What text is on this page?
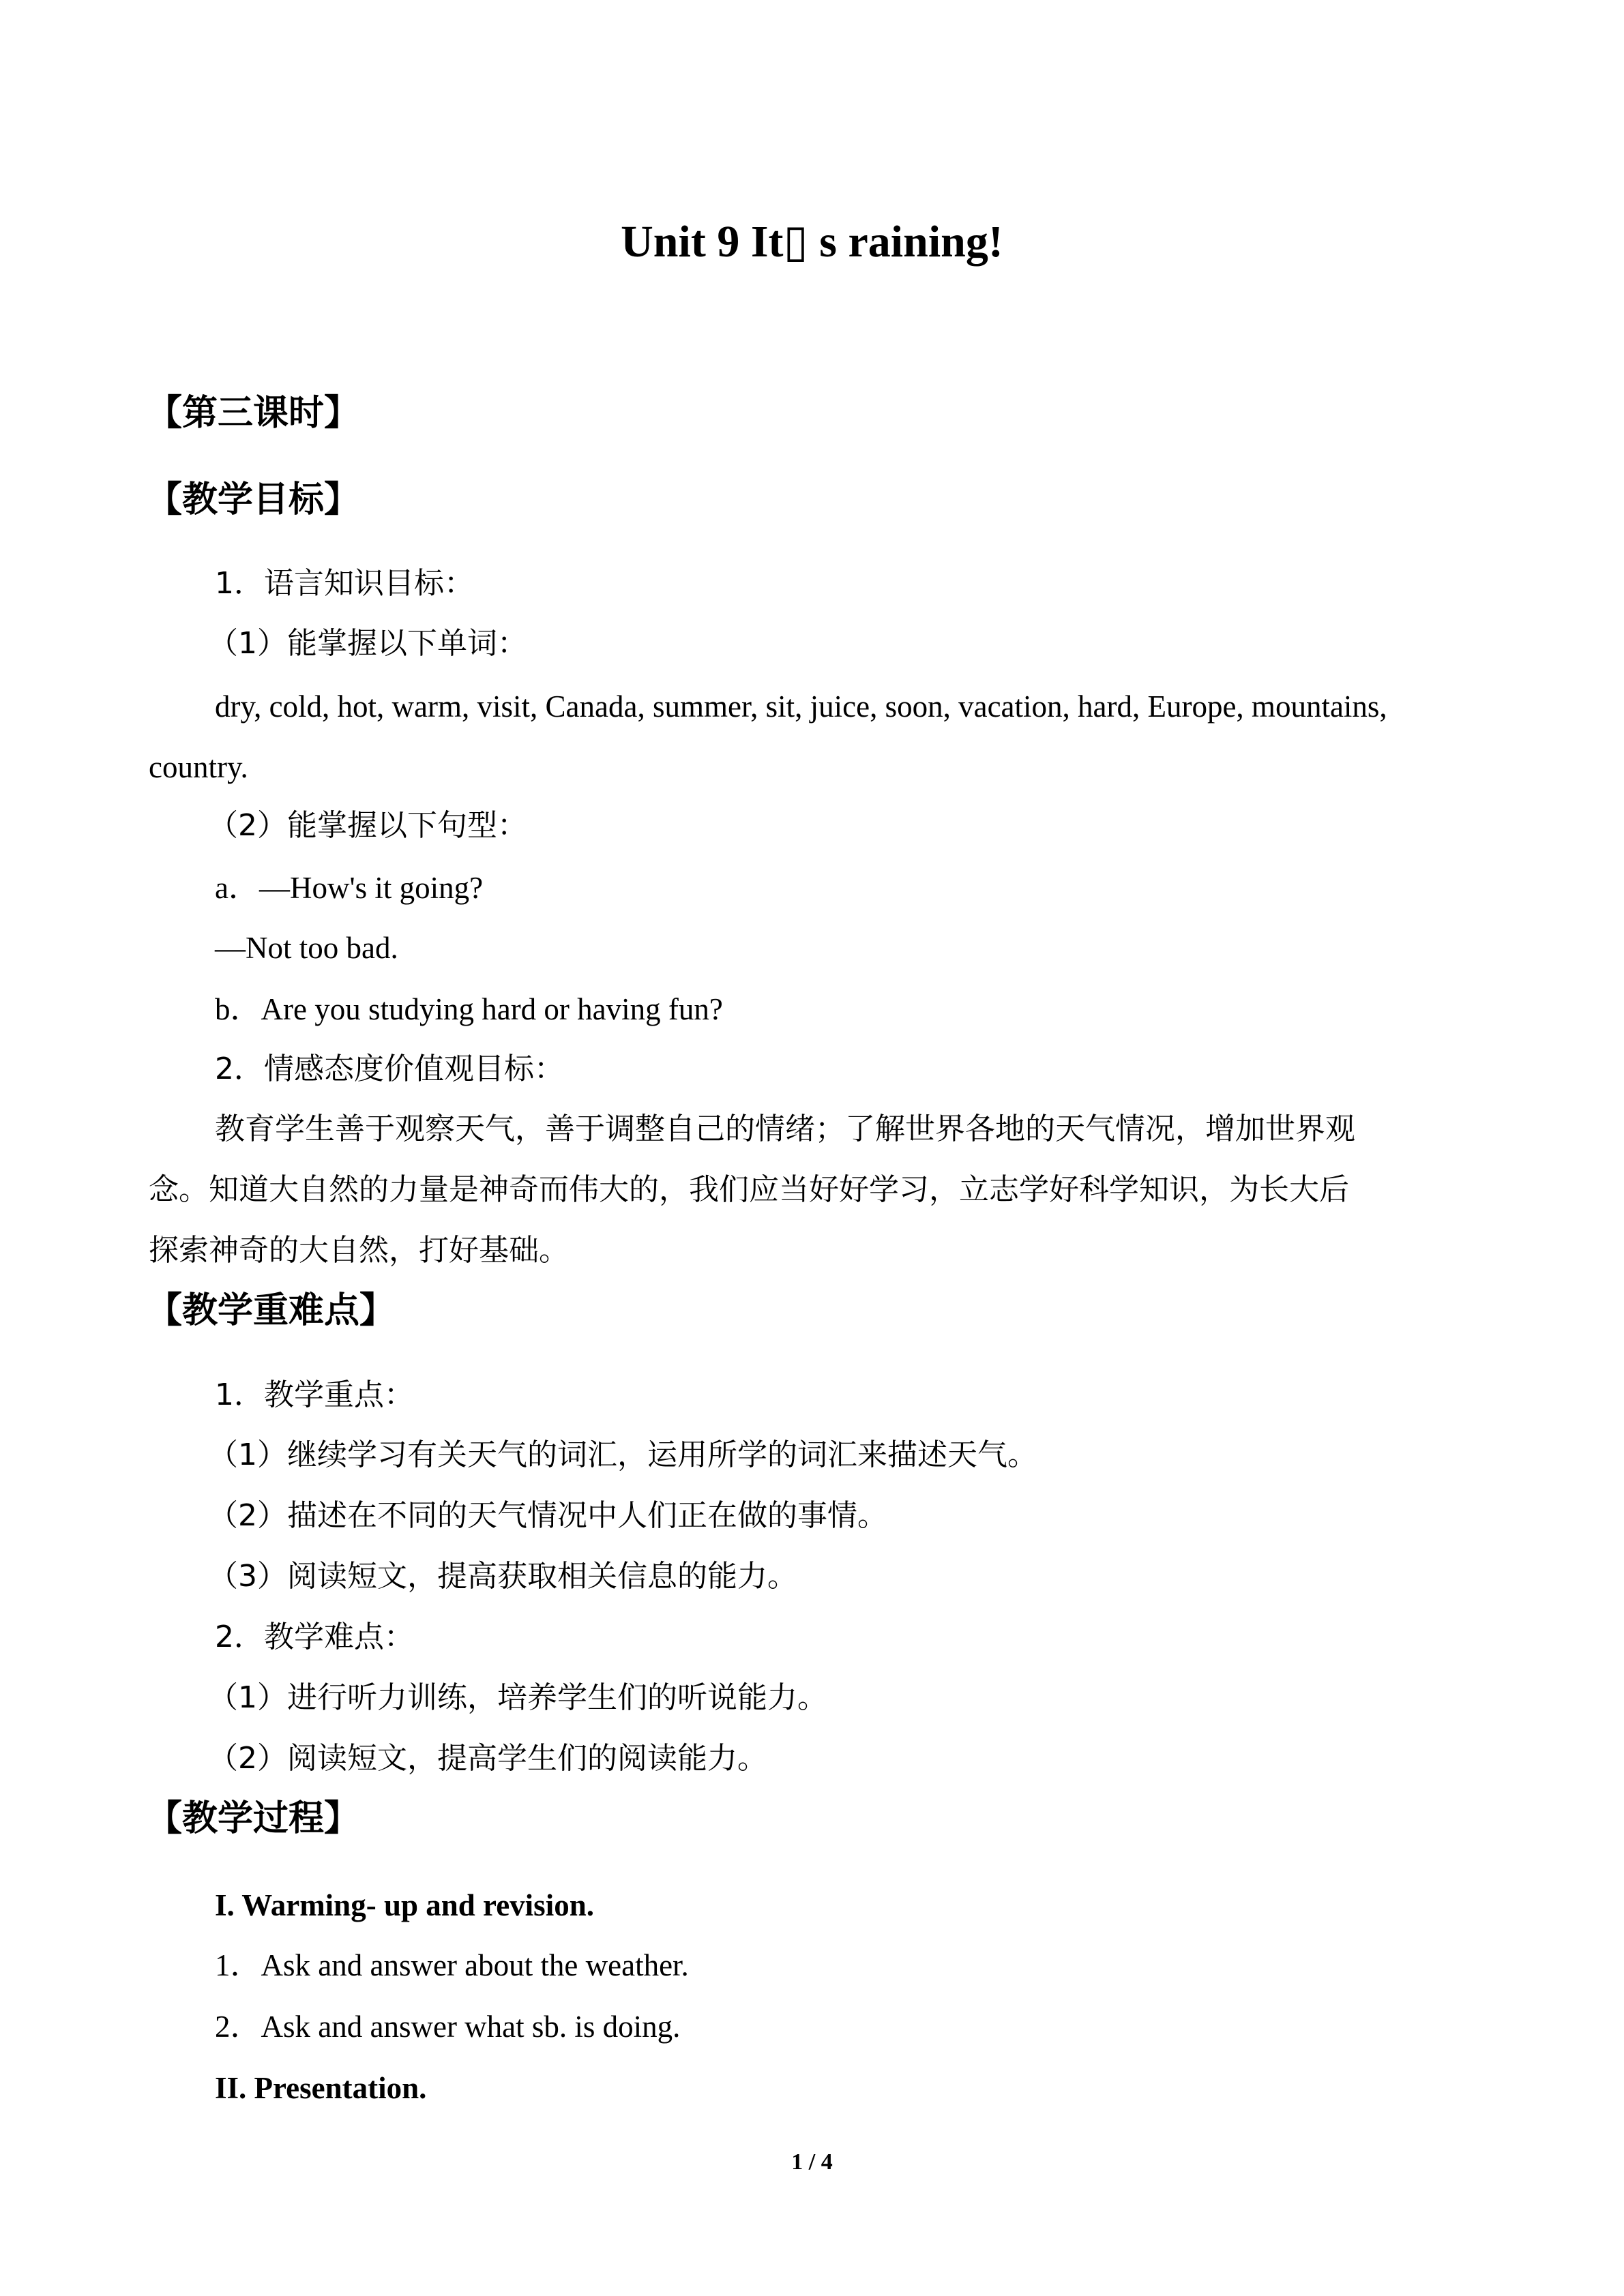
Unit 9 It▯ s raining!
【第三课时】
【教学目标】
1．语言知识目标：
（1）能掌握以下单词：
dry, cold, hot, warm, visit, Canada, summer, sit, juice, soon, vacation, hard, Europe, mountains,
country.
（2）能掌握以下句型：
a．—How's it going?
—Not too bad.
b．Are you studying hard or having fun?
2．情感态度价值观目标：
教育学生善于观察天气，善于调整自己的情绪；了解世界各地的天气情况，增加世界观
念。知道大自然的力量是神奇而伟大的，我们应当好好学习，立志学好科学知识，为长大后
探索神奇的大自然，打好基础。
【教学重难点】
1．教学重点：
（1）继续学习有关天气的词汇，运用所学的词汇来描述天气。
（2）描述在不同的天气情况中人们正在做的事情。
（3）阅读短文，提高获取相关信息的能力。
2．教学难点：
（1）进行听力训练，培养学生们的听说能力。
（2）阅读短文，提高学生们的阅读能力。
【教学过程】
I. Warming- up and revision.
1．Ask and answer about the weather.
2．Ask and answer what sb. is doing.
II. Presentation.
1 / 4
